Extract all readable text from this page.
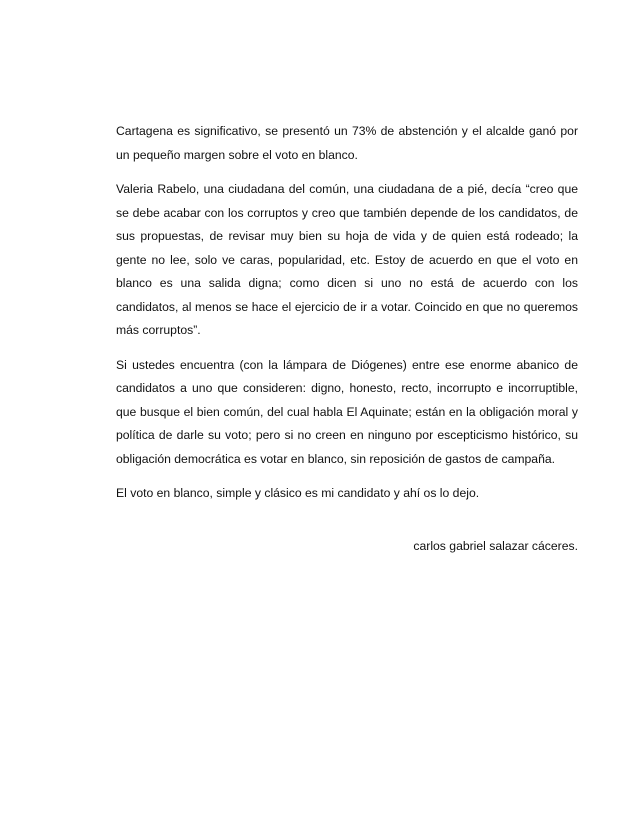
Cartagena es significativo, se presentó un 73% de abstención y el alcalde ganó por un pequeño margen sobre el voto en blanco.

Valeria Rabelo, una ciudadana del común, una ciudadana de a pié, decía “creo que se debe acabar con los corruptos y creo que también depende de los candidatos, de sus propuestas, de revisar muy bien su hoja de vida y de quien está rodeado; la gente no lee, solo ve caras, popularidad, etc. Estoy de acuerdo en que el voto en blanco es una salida digna; como dicen si uno no está de acuerdo con los candidatos, al menos se hace el ejercicio de ir a votar. Coincido en que no queremos más corruptos”.

Si ustedes encuentra (con la lámpara de Diógenes) entre ese enorme abanico de candidatos a uno que consideren: digno, honesto, recto, incorrupto e incorruptible, que busque el bien común, del cual habla El Aquinate; están en la obligación moral y política de darle su voto; pero si no creen en ninguno por escepticismo histórico, su obligación democrática es votar en blanco, sin reposición de gastos de campaña.

El voto en blanco, simple y clásico es mi candidato y ahí os lo dejo.

carlos gabriel salazar cáceres.
